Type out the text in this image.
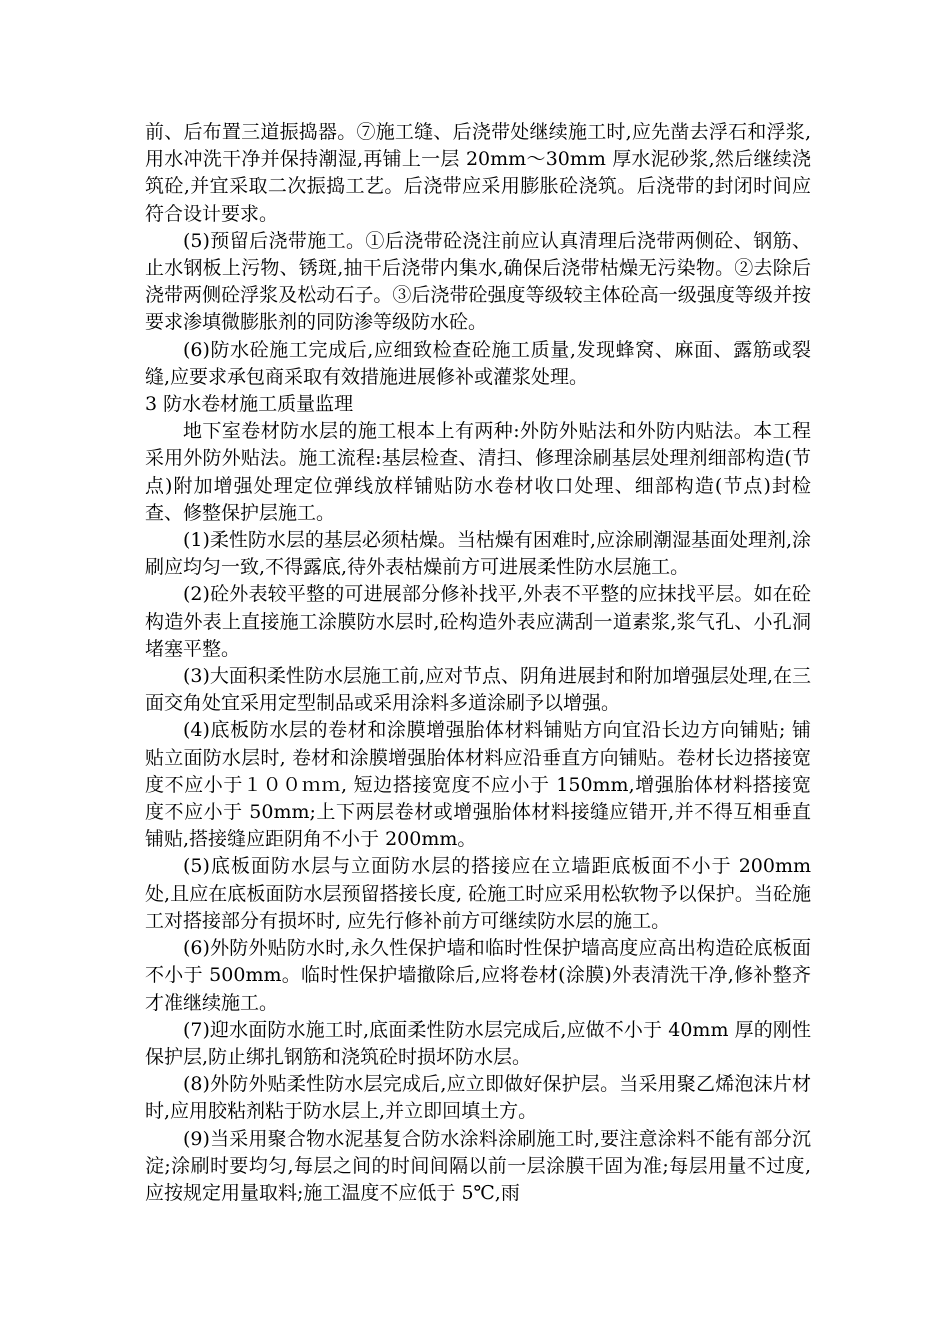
前、后布置三道振捣器。⑦施工缝、后浇带处继续施工时,应先凿去浮石和浮浆,用水冲洗干净并保持潮湿,再铺上一层 20mm～30mm 厚水泥砂浆,然后继续浇筑砼,并宜采取二次振捣工艺。后浇带应采用膨胀砼浇筑。后浇带的封闭时间应符合设计要求。

(5)预留后浇带施工。①后浇带砼浇注前应认真清理后浇带两侧砼、钢筋、止水钢板上污物、锈斑,抽干后浇带内集水,确保后浇带枯燥无污染物。②去除后浇带两侧砼浮浆及松动石子。③后浇带砼强度等级较主体砼高一级强度等级并按要求渗填微膨胀剂的同防渗等级防水砼。

(6)防水砼施工完成后,应细致检查砼施工质量,发现蜂窝、麻面、露筋或裂缝,应要求承包商采取有效措施进展修补或灌浆处理。

3 防水卷材施工质量监理

地下室卷材防水层的施工根本上有两种:外防外贴法和外防内贴法。本工程采用外防外贴法。施工流程:基层检查、清扫、修理涂刷基层处理剂细部构造(节点)附加增强处理定位弹线放样铺贴防水卷材收口处理、细部构造(节点)封检查、修整保护层施工。

(1)柔性防水层的基层必须枯燥。当枯燥有困难时,应涂刷潮湿基面处理剂,涂刷应均匀一致,不得露底,待外表枯燥前方可进展柔性防水层施工。

(2)砼外表较平整的可进展部分修补找平,外表不平整的应抹找平层。如在砼构造外表上直接施工涂膜防水层时,砼构造外表应满刮一道素浆,浆气孔、小孔洞堵塞平整。

(3)大面积柔性防水层施工前,应对节点、阴角进展封和附加增强层处理,在三面交角处宜采用定型制品或采用涂料多道涂刷予以增强。

(4)底板防水层的卷材和涂膜增强胎体材料铺贴方向宜沿长边方向铺贴; 铺贴立面防水层时, 卷材和涂膜增强胎体材料应沿垂直方向铺贴。卷材长边搭接宽度不应小于１００ｍｍ, 短边搭接宽度不应小于 150mm,增强胎体材料搭接宽度不应小于 50mm;上下两层卷材或增强胎体材料接缝应错开,并不得互相垂直铺贴,搭接缝应距阴角不小于 200mm。

(5)底板面防水层与立面防水层的搭接应在立墙距底板面不小于 200mm 处,且应在底板面防水层预留搭接长度, 砼施工时应采用松软物予以保护。当砼施工对搭接部分有损坏时, 应先行修补前方可继续防水层的施工。

(6)外防外贴防水时,永久性保护墙和临时性保护墙高度应高出构造砼底板面不小于 500mm。临时性保护墙撤除后,应将卷材(涂膜)外表清洗干净,修补整齐才准继续施工。

(7)迎水面防水施工时,底面柔性防水层完成后,应做不小于 40mm 厚的刚性保护层,防止绑扎钢筋和浇筑砼时损坏防水层。

(8)外防外贴柔性防水层完成后,应立即做好保护层。当采用聚乙烯泡沫片材时,应用胶粘剂粘于防水层上,并立即回填土方。

(9)当采用聚合物水泥基复合防水涂料涂刷施工时,要注意涂料不能有部分沉淀;涂刷时要均匀,每层之间的时间间隔以前一层涂膜干固为准;每层用量不过度,应按规定用量取料;施工温度不应低于 5℃,雨
